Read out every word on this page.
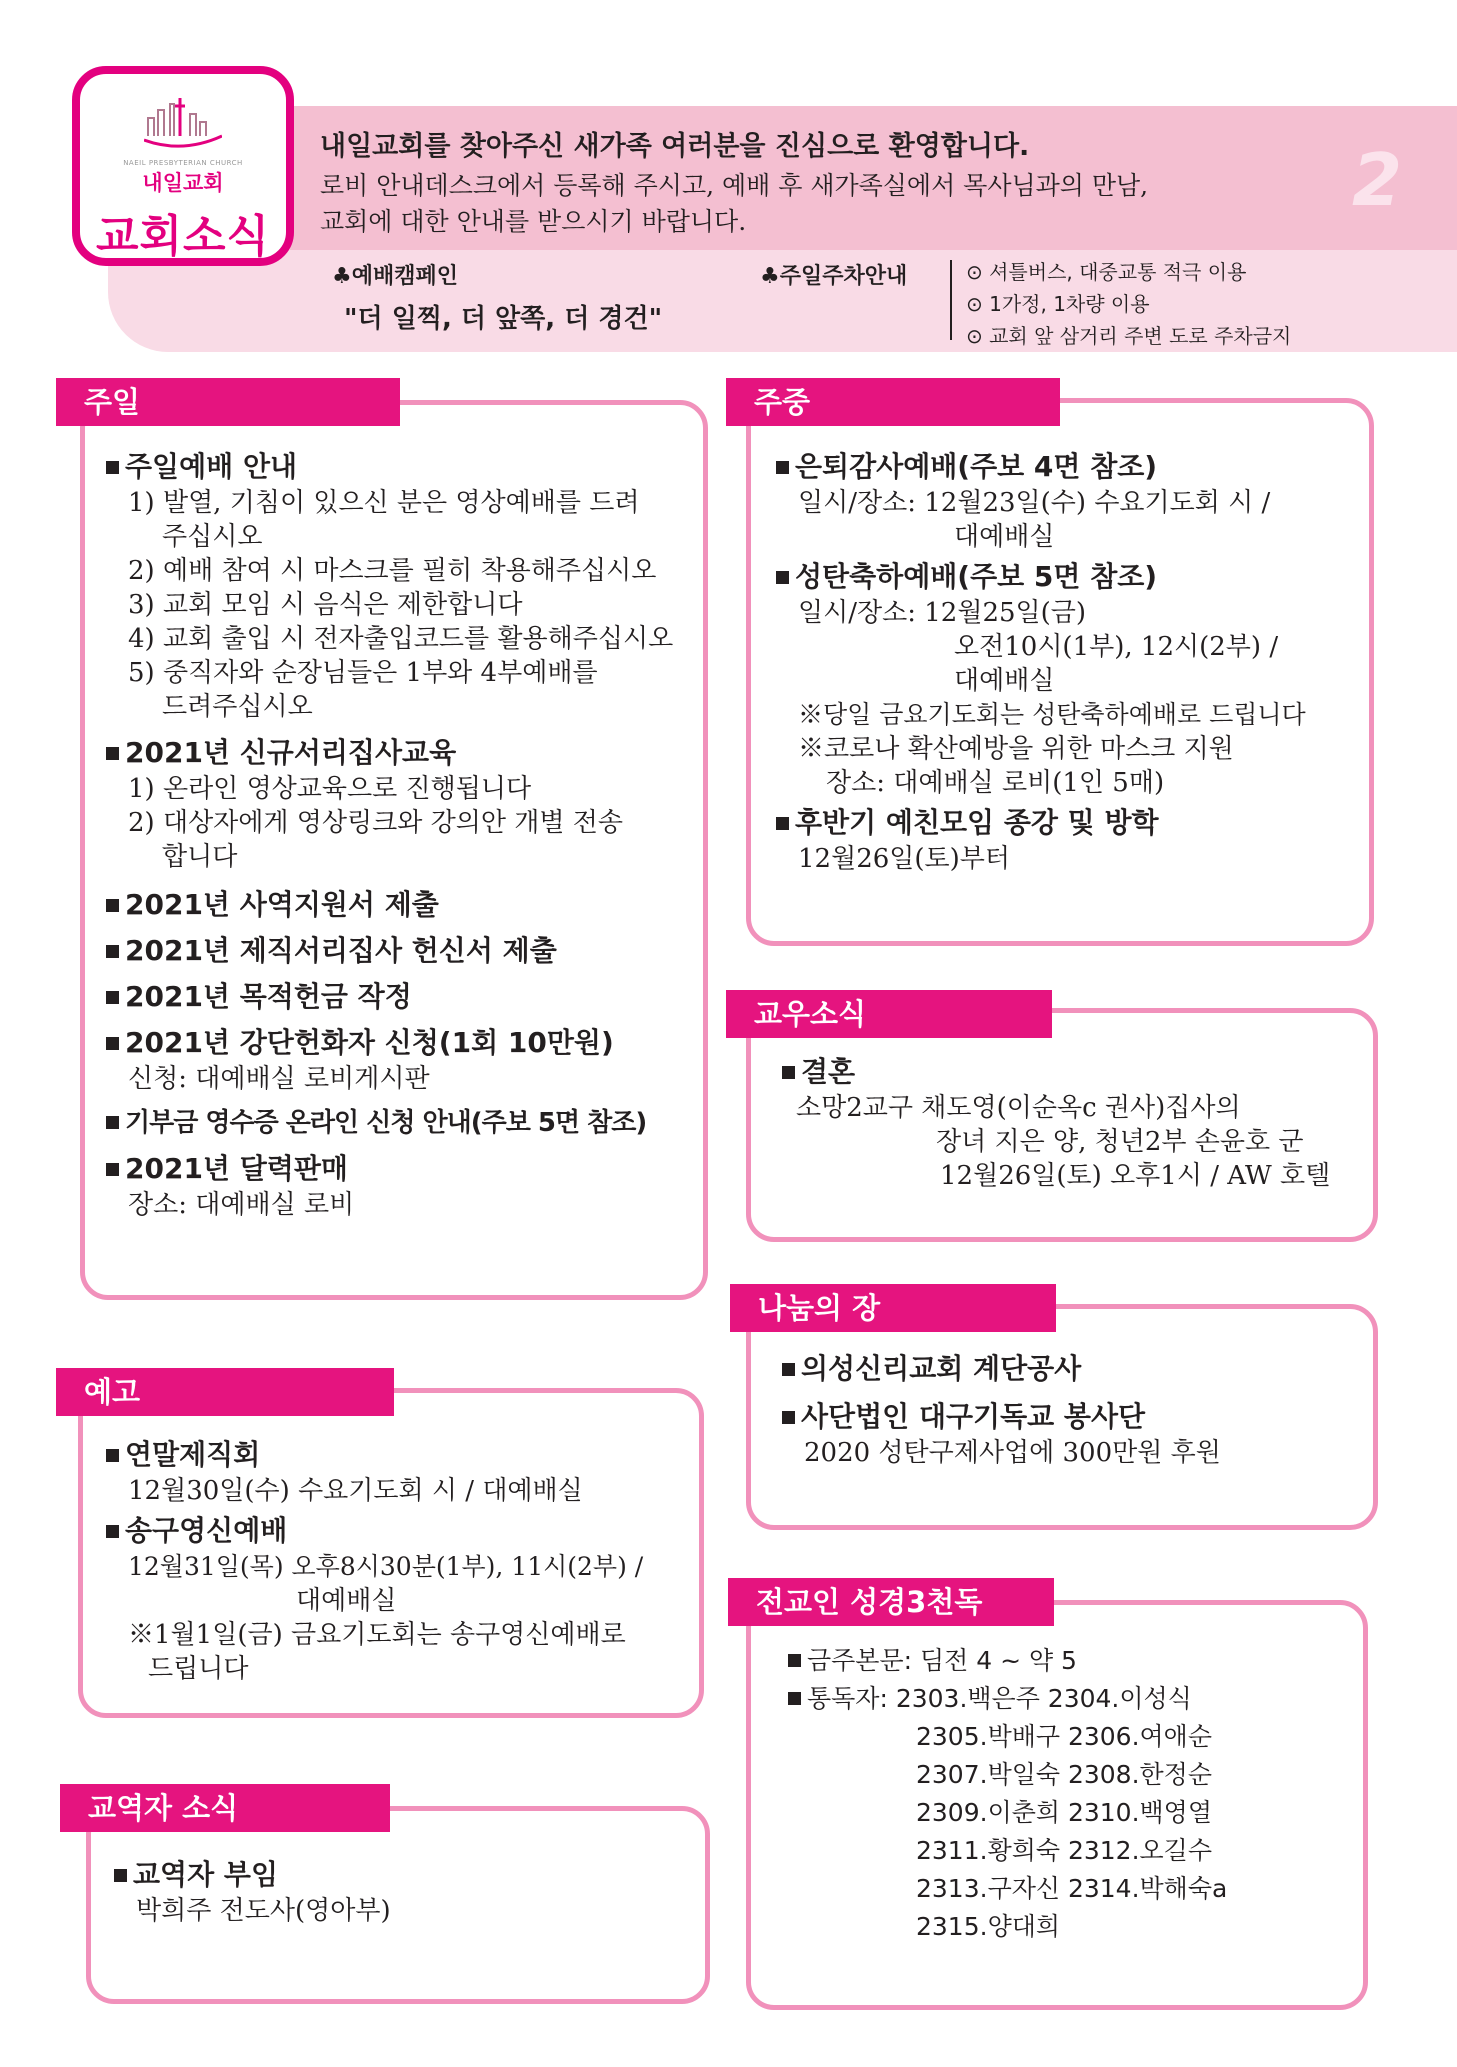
NAEIL PRESBYTERIAN CHURCH
내일교회
교회소식
내일교회를 찾아주신 새가족 여러분을 진심으로 환영합니다.
로비 안내데스크에서 등록해 주시고, 예배 후 새가족실에서 목사님과의 만남,
교회에 대한 안내를 받으시기 바랍니다.	2
♣예배캠페인
"더 일찍, 더 앞쪽, 더 경건"
♣주일주차안내	⊙ 셔틀버스, 대중교통 적극 이용
⊙ 1가정, 1차량 이용
⊙ 교회 앞 삼거리 주변 도로 주차금지
주일
주일예배 안내
1) 발열, 기침이 있으신 분은 영상예배를 드려
주십시오
2) 예배 참여 시 마스크를 필히 착용해주십시오
3) 교회 모임 시 음식은 제한합니다
4) 교회 출입 시 전자출입코드를 활용해주십시오
5) 중직자와 순장님들은 1부와 4부예배를
드려주십시오
2021년 신규서리집사교육
1) 온라인 영상교육으로 진행됩니다
2) 대상자에게 영상링크와 강의안 개별 전송
합니다
2021년 사역지원서 제출
2021년 제직서리집사 헌신서 제출
2021년 목적헌금 작정
2021년 강단헌화자 신청(1회 10만원)
신청: 대예배실 로비게시판
기부금 영수증 온라인 신청 안내(주보 5면 참조)
2021년 달력판매
장소: 대예배실 로비
주중
은퇴감사예배(주보 4면 참조)
일시/장소: 12월23일(수) 수요기도회 시 /
대예배실
성탄축하예배(주보 5면 참조)
일시/장소: 12월25일(금)
오전10시(1부), 12시(2부) /
대예배실
※당일 금요기도회는 성탄축하예배로 드립니다
※코로나 확산예방을 위한 마스크 지원
장소: 대예배실 로비(1인 5매)
후반기 예친모임 종강 및 방학
12월26일(토)부터
교우소식
결혼
소망2교구 채도영(이순옥c 권사)집사의
장녀 지은 양, 청년2부 손윤호 군
12월26일(토) 오후1시 / AW 호텔
나눔의 장
의성신리교회 계단공사
사단법인 대구기독교 봉사단
2020 성탄구제사업에 300만원 후원
예고
연말제직회
12월30일(수) 수요기도회 시 / 대예배실
송구영신예배
12월31일(목) 오후8시30분(1부), 11시(2부) /
대예배실
※1월1일(금) 금요기도회는 송구영신예배로
드립니다
교역자 소식
교역자 부임
박희주 전도사(영아부)
전교인 성경3천독
금주본문: 딤전 4 ~ 약 5
통독자: 2303.백은주 2304.이성식
2305.박배구 2306.여애순
2307.박일숙 2308.한정순
2309.이춘희 2310.백영열
2311.황희숙 2312.오길수
2313.구자신 2314.박해숙a
2315.양대희
